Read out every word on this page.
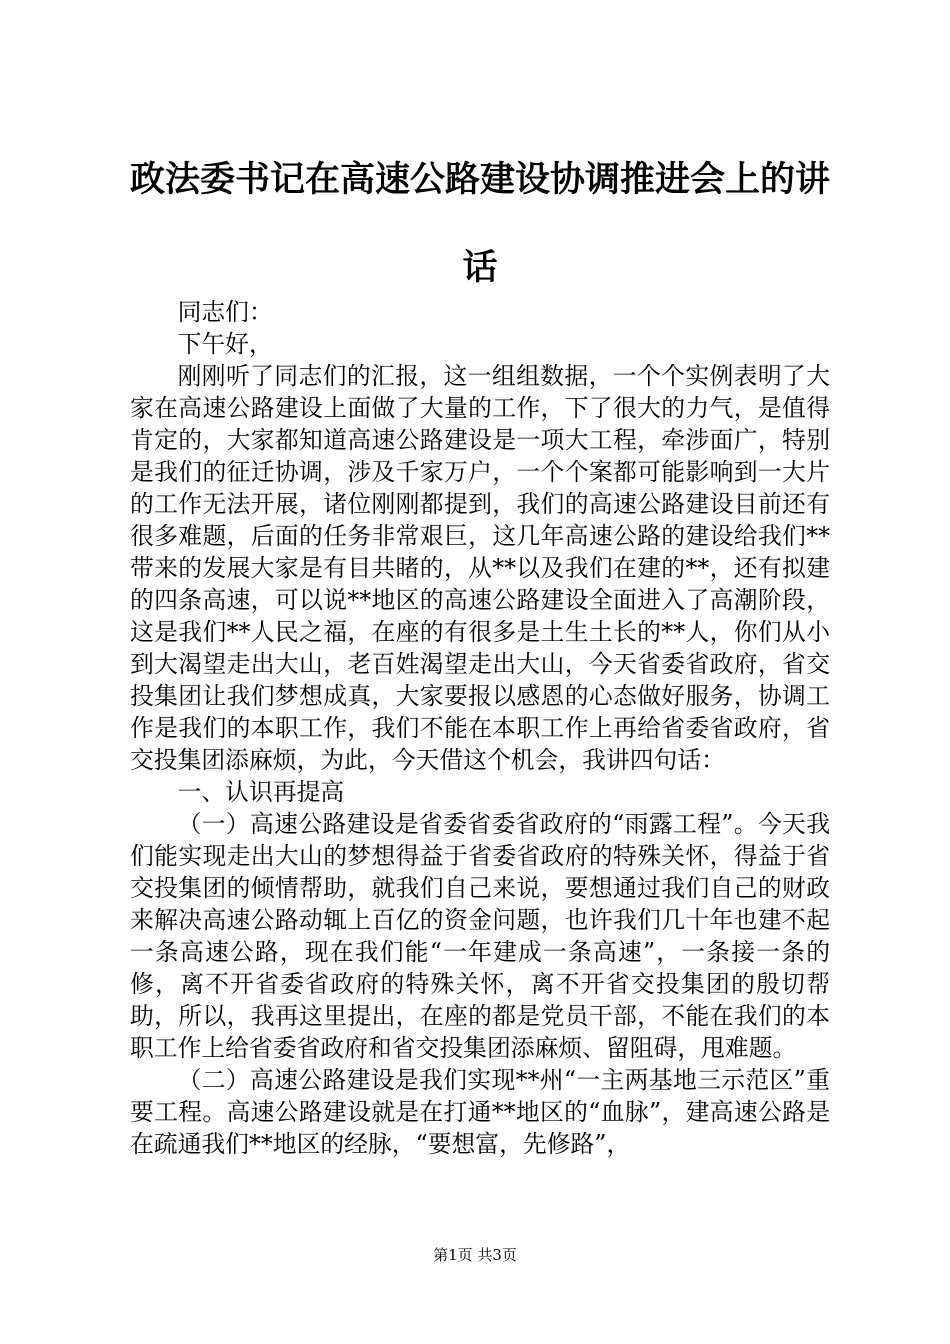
政法委书记在高速公路建设协调推进会上的讲
话

同志们：

下午好，

刚刚听了同志们的汇报，这一组组数据，一个个实例表明了大家在高速公路建设上面做了大量的工作，下了很大的力气，是值得肯定的，大家都知道高速公路建设是一项大工程，牵涉面广，特别是我们的征迁协调，涉及千家万户，一个个案都可能影响到一大片的工作无法开展，诸位刚刚都提到，我们的高速公路建设目前还有很多难题，后面的任务非常艰巨，这几年高速公路的建设给我们**带来的发展大家是有目共睹的，从**以及我们在建的**，还有拟建的四条高速，可以说**地区的高速公路建设全面进入了高潮阶段，这是我们**人民之福，在座的有很多是土生土长的**人，你们从小到大渴望走出大山，老百姓渴望走出大山，今天省委省政府，省交投集团让我们梦想成真，大家要报以感恩的心态做好服务，协调工作是我们的本职工作，我们不能在本职工作上再给省委省政府，省交投集团添麻烦，为此，今天借这个机会，我讲四句话：

一、认识再提高

（一）高速公路建设是省委省委省政府的“雨露工程”。今天我们能实现走出大山的梦想得益于省委省政府的特殊关怀，得益于省交投集团的倾情帮助，就我们自己来说，要想通过我们自己的财政来解决高速公路动辄上百亿的资金问题，也许我们几十年也建不起一条高速公路，现在我们能“一年建成一条高速”，一条接一条的修，离不开省委省政府的特殊关怀，离不开省交投集团的殷切帮助，所以，我再这里提出，在座的都是党员干部，不能在我们的本职工作上给省委省政府和省交投集团添麻烦、留阻碍，甩难题。

（二）高速公路建设是我们实现**州“一主两基地三示范区”重要工程。高速公路建设就是在打通**地区的“血脉”，建高速公路是在疏通我们**地区的经脉，“要想富，先修路”，

第1页 共3页
